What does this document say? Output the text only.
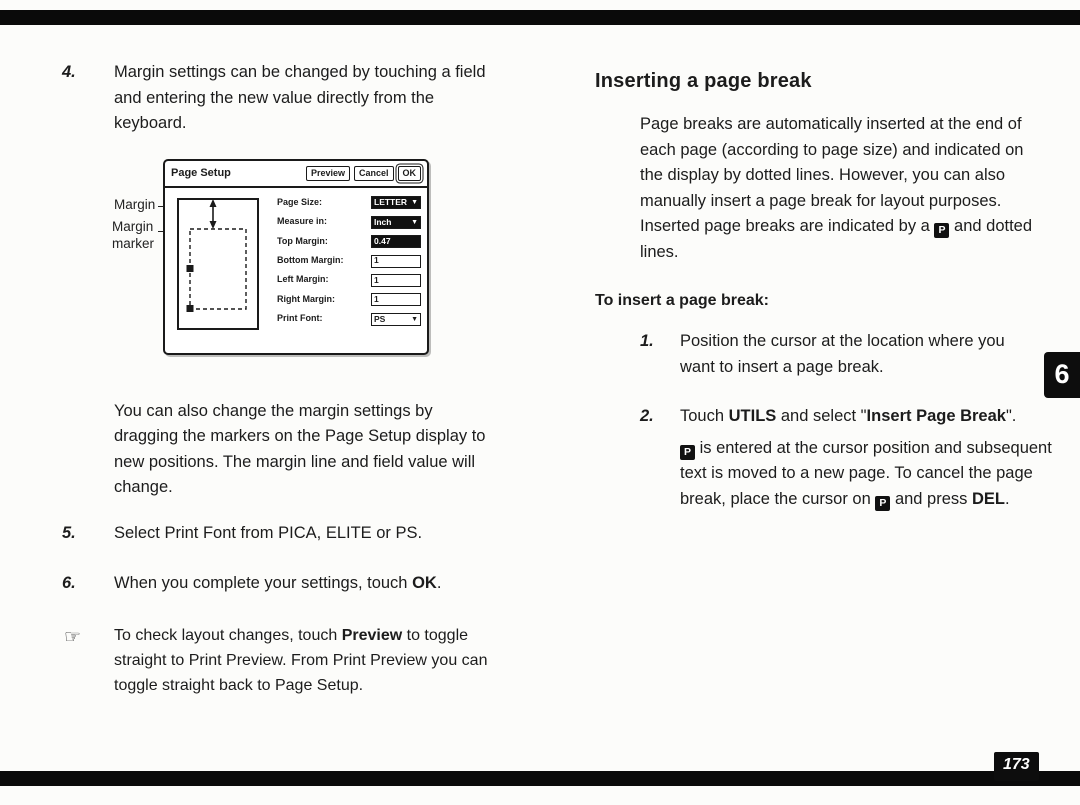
4. Margin settings can be changed by touching a field and entering the new value directly from the keyboard.
Margin
Margin marker
Page Setup	Preview	Cancel	OK
Page Size:	LETTER ▼
Measure in:	Inch	▼
Top Margin:	0.47
Bottom Margin:	1
Left Margin:	1
Right Margin:	1
Print Font:	PS	▼

You can also change the margin settings by dragging the markers on the Page Setup display to new positions. The margin line and field value will change.

5. Select Print Font from PICA, ELITE or PS.
6. When you complete your settings, touch OK.
☞ To check layout changes, touch Preview to toggle straight to Print Preview. From Print Preview you can toggle straight back to Page Setup.
Inserting a page break

Page breaks are automatically inserted at the end of each page (according to page size) and indicated on the display by dotted lines. However, you can also manually insert a page break for layout purposes. Inserted page breaks are indicated by a P and dotted lines.

To insert a page break:
1. Position the cursor at the location where you want to insert a page break.
2. Touch UTILS and select "Insert Page Break".

P is entered at the cursor position and subsequent text is moved to a new page. To cancel the page break, place the cursor on P and press DEL.

6
173
